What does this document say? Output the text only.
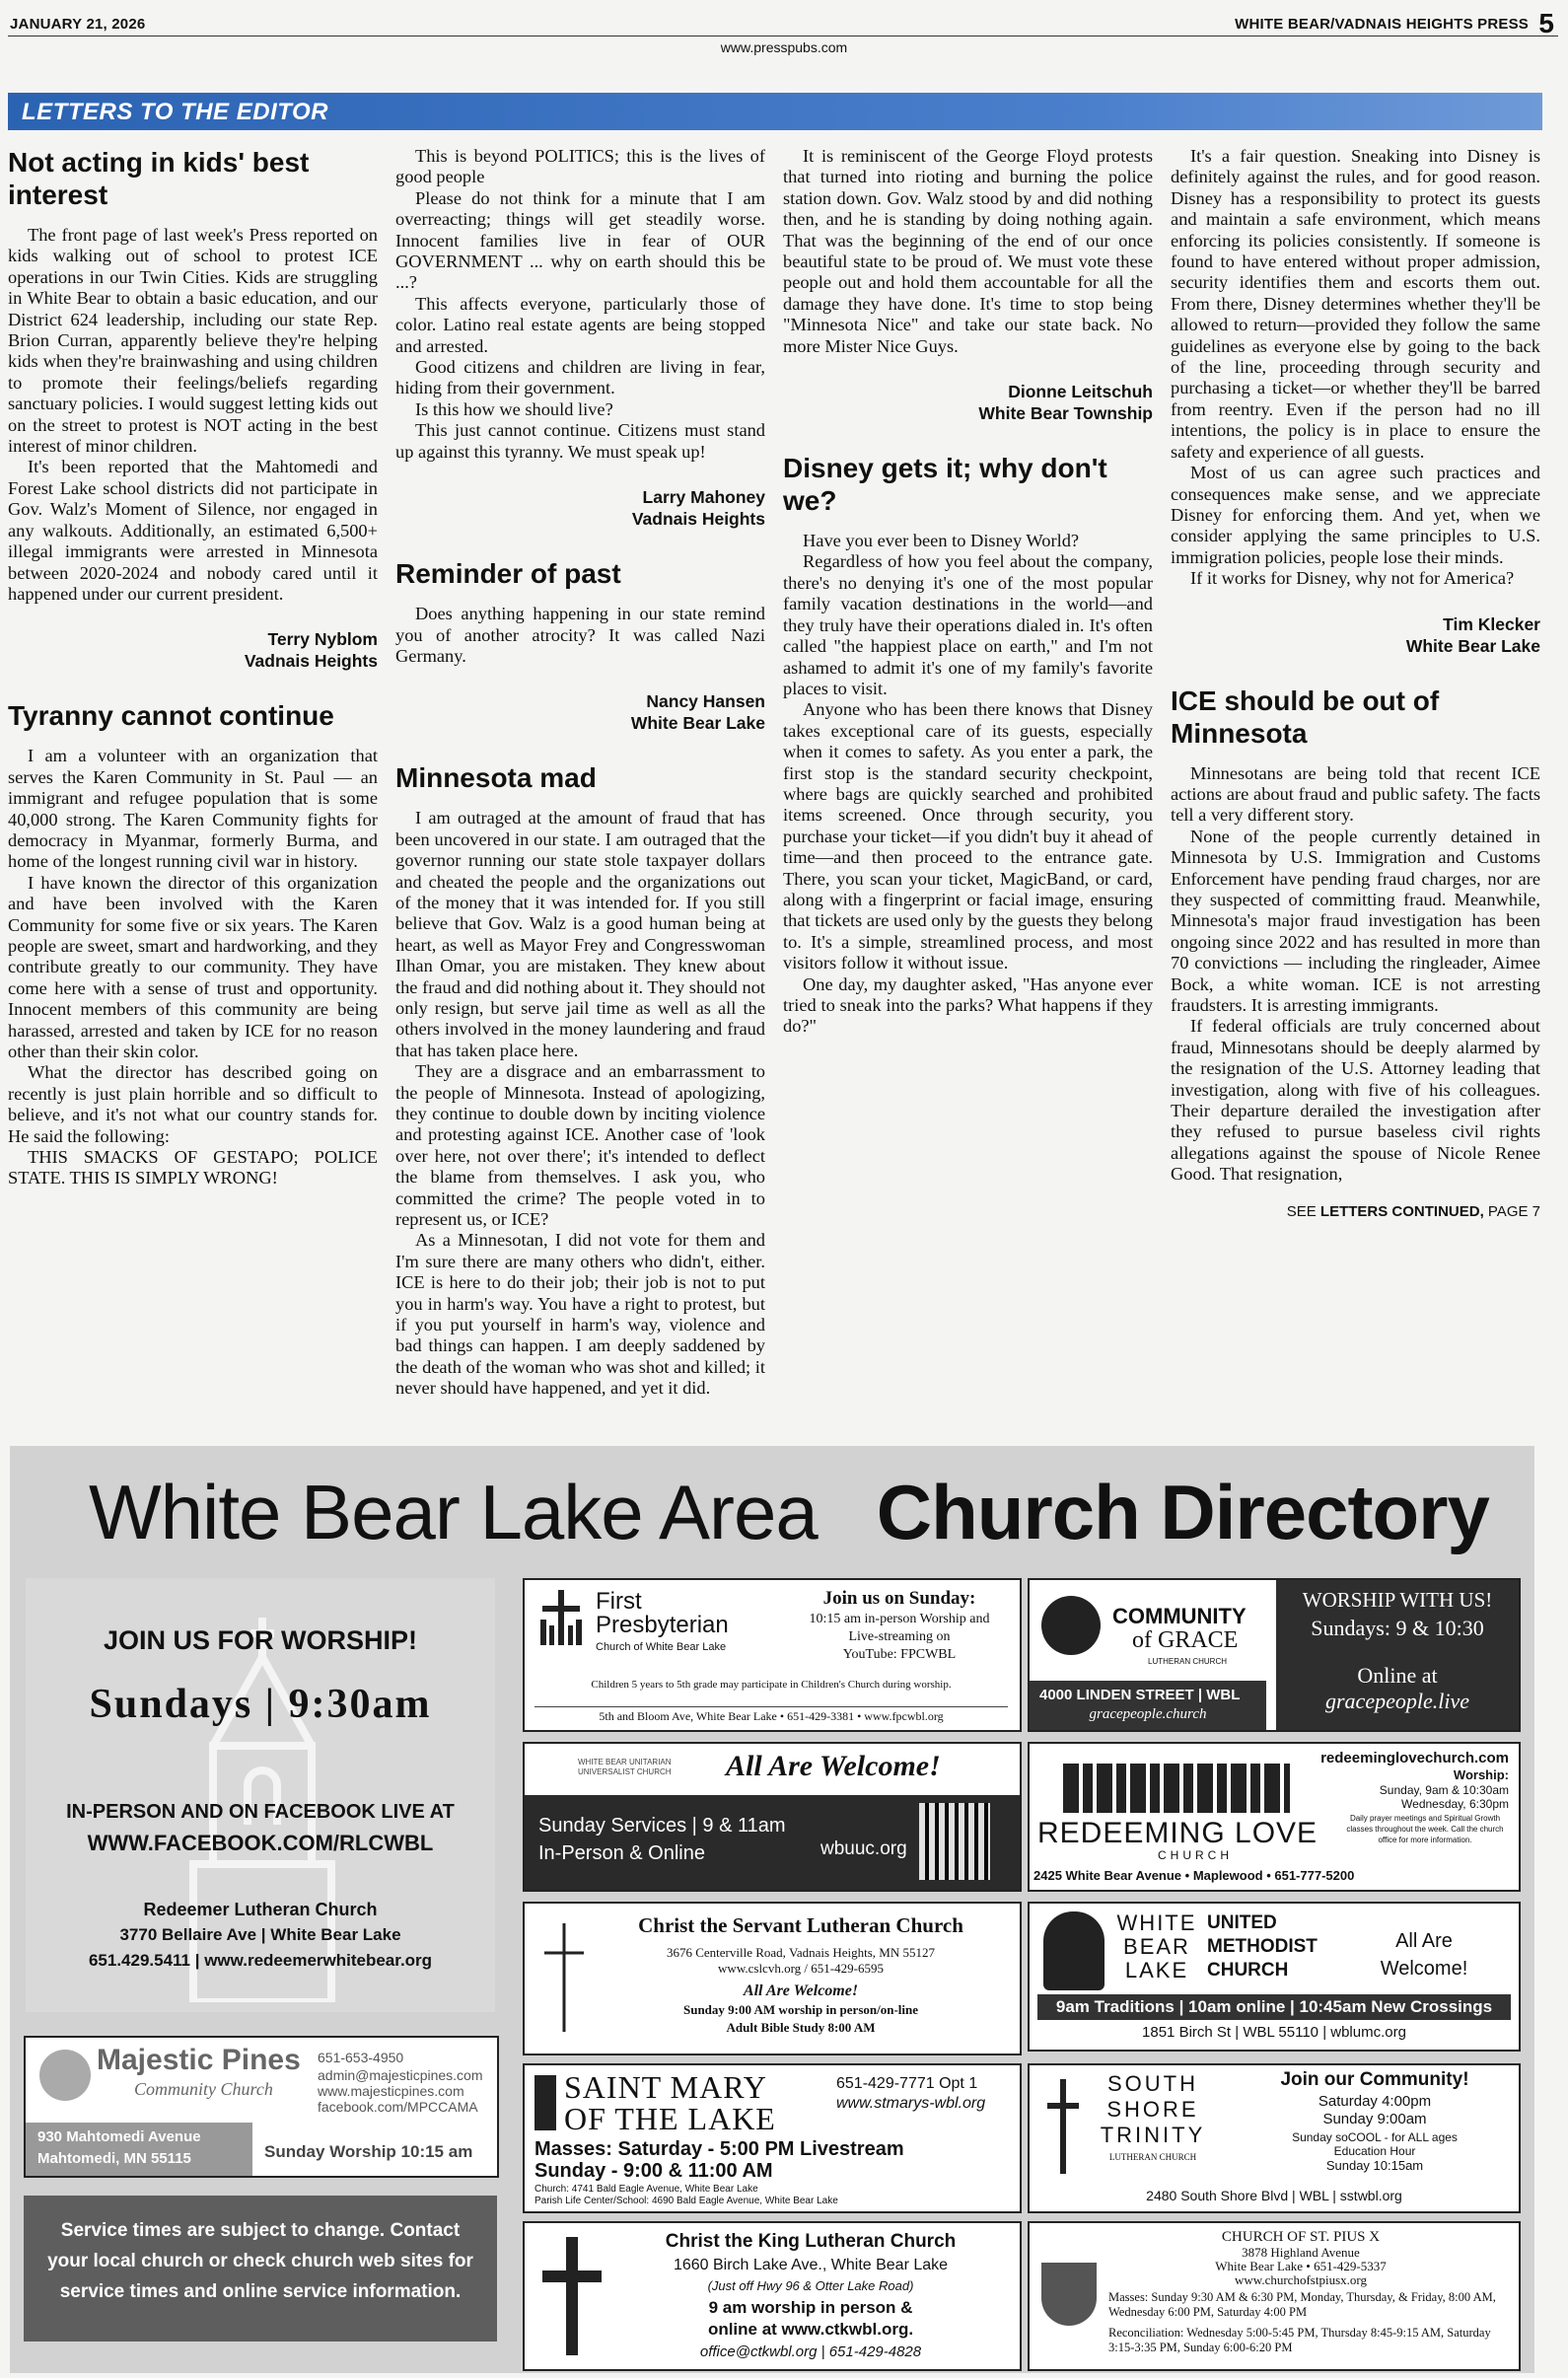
JANUARY 21, 2026	WHITE BEAR/VADNAIS HEIGHTS PRESS 5
www.presspubs.com
LETTERS TO THE EDITOR
Not acting in kids' best interest

The front page of last week's Press reported on kids walking out of school to protest ICE operations in our Twin Cities. Kids are struggling in White Bear to obtain a basic education, and our District 624 leadership, including our state Rep. Brion Curran, apparently believe they're helping kids when they're brainwashing and using children to promote their feelings/beliefs regarding sanctuary policies. I would suggest letting kids out on the street to protest is NOT acting in the best interest of minor children.

It's been reported that the Mahtomedi and Forest Lake school districts did not participate in Gov. Walz's Moment of Silence, nor engaged in any walkouts. Additionally, an estimated 6,500+ illegal immigrants were arrested in Minnesota between 2020-2024 and nobody cared until it happened under our current president.

Terry Nyblom
Vadnais Heights
Tyranny cannot continue

I am a volunteer with an organization that serves the Karen Community in St. Paul — an immigrant and refugee population that is some 40,000 strong. The Karen Community fights for democracy in Myanmar, formerly Burma, and home of the longest running civil war in history.

I have known the director of this organization and have been involved with the Karen Community for some five or six years. The Karen people are sweet, smart and hardworking, and they contribute greatly to our community. They have come here with a sense of trust and opportunity. Innocent members of this community are being harassed, arrested and taken by ICE for no reason other than their skin color.

What the director has described going on recently is just plain horrible and so difficult to believe, and it's not what our country stands for. He said the following:

THIS SMACKS OF GESTAPO; POLICE STATE. THIS IS SIMPLY WRONG!

This is beyond POLITICS; this is the lives of good people

Please do not think for a minute that I am overreacting; things will get steadily worse. Innocent families live in fear of OUR GOVERNMENT ... why on earth should this be ...?

This affects everyone, particularly those of color. Latino real estate agents are being stopped and arrested.

Good citizens and children are living in fear, hiding from their government.

Is this how we should live?

This just cannot continue. Citizens must stand up against this tyranny. We must speak up!

Larry Mahoney
Vadnais Heights
Reminder of past

Does anything happening in our state remind you of another atrocity? It was called Nazi Germany.

Nancy Hansen
White Bear Lake
Minnesota mad

I am outraged at the amount of fraud that has been uncovered in our state. I am outraged that the governor running our state stole taxpayer dollars and cheated the people and the organizations out of the money that it was intended for. If you still believe that Gov. Walz is a good human being at heart, as well as Mayor Frey and Congresswoman Ilhan Omar, you are mistaken. They knew about the fraud and did nothing about it. They should not only resign, but serve jail time as well as all the others involved in the money laundering and fraud that has taken place here.

They are a disgrace and an embarrassment to the people of Minnesota. Instead of apologizing, they continue to double down by inciting violence and protesting against ICE. Another case of 'look over here, not over there'; it's intended to deflect the blame from themselves. I ask you, who committed the crime? The people voted in to represent us, or ICE?

As a Minnesotan, I did not vote for them and I'm sure there are many others who didn't, either. ICE is here to do their job; their job is not to put you in harm's way. You have a right to protest, but if you put yourself in harm's way, violence and bad things can happen. I am deeply saddened by the death of the woman who was shot and killed; it never should have happened, and yet it did.

It is reminiscent of the George Floyd protests that turned into rioting and burning the police station down. Gov. Walz stood by and did nothing then, and he is standing by doing nothing again. That was the beginning of the end of our once beautiful state to be proud of. We must vote these people out and hold them accountable for all the damage they have done. It's time to stop being "Minnesota Nice" and take our state back. No more Mister Nice Guys.

Dionne Leitschuh
White Bear Township
Disney gets it; why don't we?

Have you ever been to Disney World?

Regardless of how you feel about the company, there's no denying it's one of the most popular family vacation destinations in the world—and they truly have their operations dialed in. It's often called "the happiest place on earth," and I'm not ashamed to admit it's one of my family's favorite places to visit.

Anyone who has been there knows that Disney takes exceptional care of its guests, especially when it comes to safety. As you enter a park, the first stop is the standard security checkpoint, where bags are quickly searched and prohibited items screened. Once through security, you purchase your ticket—if you didn't buy it ahead of time—and then proceed to the entrance gate. There, you scan your ticket, MagicBand, or card, along with a fingerprint or facial image, ensuring that tickets are used only by the guests they belong to. It's a simple, streamlined process, and most visitors follow it without issue.

One day, my daughter asked, "Has anyone ever tried to sneak into the parks? What happens if they do?"

It's a fair question. Sneaking into Disney is definitely against the rules, and for good reason. Disney has a responsibility to protect its guests and maintain a safe environment, which means enforcing its policies consistently. If someone is found to have entered without proper admission, security identifies them and escorts them out. From there, Disney determines whether they'll be allowed to return—provided they follow the same guidelines as everyone else by going to the back of the line, proceeding through security and purchasing a ticket—or whether they'll be barred from reentry. Even if the person had no ill intentions, the policy is in place to ensure the safety and experience of all guests.

Most of us can agree such practices and consequences make sense, and we appreciate Disney for enforcing them. And yet, when we consider applying the same principles to U.S. immigration policies, people lose their minds.

If it works for Disney, why not for America?

Tim Klecker
White Bear Lake
ICE should be out of Minnesota

Minnesotans are being told that recent ICE actions are about fraud and public safety. The facts tell a very different story.

None of the people currently detained in Minnesota by U.S. Immigration and Customs Enforcement have pending fraud charges, nor are they suspected of committing fraud. Meanwhile, Minnesota's major fraud investigation has been ongoing since 2022 and has resulted in more than 70 convictions — including the ringleader, Aimee Bock, a white woman. ICE is not arresting fraudsters. It is arresting immigrants.

If federal officials are truly concerned about fraud, Minnesotans should be deeply alarmed by the resignation of the U.S. Attorney leading that investigation, along with five of his colleagues. Their departure derailed the investigation after they refused to pursue baseless civil rights allegations against the spouse of Nicole Renee Good. That resignation,

SEE LETTERS CONTINUED, PAGE 7
White Bear Lake Area Church Directory
JOIN US FOR WORSHIP!
Sundays | 9:30am
IN-PERSON AND ON FACEBOOK LIVE AT
WWW.FACEBOOK.COM/RLCWBL
Redeemer Lutheran Church
3770 Bellaire Ave | White Bear Lake
651.429.5411 | www.redeemerwhitebear.org
Majestic Pines
Community Church
651-653-4950
admin@majesticpines.com
www.majesticpines.com
facebook.com/MPCCAMA
930 Mahtomedi Avenue
Mahtomedi, MN 55115	Sunday Worship 10:15 am
Service times are subject to change. Contact your local church or check church web sites for service times and online service information.
First
Presbyterian
Church of White Bear Lake
Join us on Sunday:
10:15 am in-person Worship and
Live-streaming on
YouTube: FPCWBL
Children 5 years to 5th grade may participate in Children's Church during worship.
5th and Bloom Ave, White Bear Lake • 651-429-3381 • www.fpcwbl.org
WHITE BEAR UNITARIAN UNIVERSALIST CHURCH	All Are Welcome!
Sunday Services | 9 & 11am
In-Person & Online	wbuuc.org
Christ the Servant Lutheran Church
3676 Centerville Road, Vadnais Heights, MN 55127
www.cslcvh.org / 651-429-6595
All Are Welcome!
Sunday 9:00 AM worship in person/on-line
Adult Bible Study 8:00 AM
SAINT MARY
OF THE LAKE
651-429-7771 Opt 1
www.stmarys-wbl.org
Masses: Saturday - 5:00 PM Livestream
Sunday - 9:00 & 11:00 AM
Church: 4741 Bald Eagle Avenue, White Bear Lake
Parish Life Center/School: 4690 Bald Eagle Avenue, White Bear Lake
Christ the King Lutheran Church
1660 Birch Lake Ave., White Bear Lake
(Just off Hwy 96 & Otter Lake Road)
9 am worship in person &
online at www.ctkwbl.org.
office@ctkwbl.org | 651-429-4828
COMMUNITY
of GRACE
LUTHERAN CHURCH
4000 LINDEN STREET | WBL
gracepeople.church
WORSHIP WITH US!
Sundays: 9 & 10:30
Online at
gracepeople.live
redeeminglovechurch.com
Worship:
Sunday, 9am & 10:30am
Wednesday, 6:30pm
Daily prayer meetings and Spiritual Growth classes throughout the week. Call the church office for more information.
REDEEMING LOVE
CHURCH
2425 White Bear Avenue • Maplewood • 651-777-5200
WHITE BEAR LAKE
UNITED METHODIST CHURCH
All Are Welcome!
9am Traditions | 10am online | 10:45am New Crossings
1851 Birch St | WBL 55110 | wblumc.org
SOUTH SHORE TRINITY
LUTHERAN CHURCH
Join our Community!
Saturday 4:00pm
Sunday 9:00am
Sunday soCOOL - for ALL ages
Education Hour
Sunday 10:15am
2480 South Shore Blvd | WBL | sstwbl.org
CHURCH OF ST. PIUS X
3878 Highland Avenue
White Bear Lake • 651-429-5337
www.churchofstpiusx.org
Masses: Sunday 9:30 AM & 6:30 PM, Monday, Thursday, & Friday, 8:00 AM, Wednesday 6:00 PM, Saturday 4:00 PM
Reconciliation: Wednesday 5:00-5:45 PM, Thursday 8:45-9:15 AM, Saturday 3:15-3:35 PM, Sunday 6:00-6:20 PM
